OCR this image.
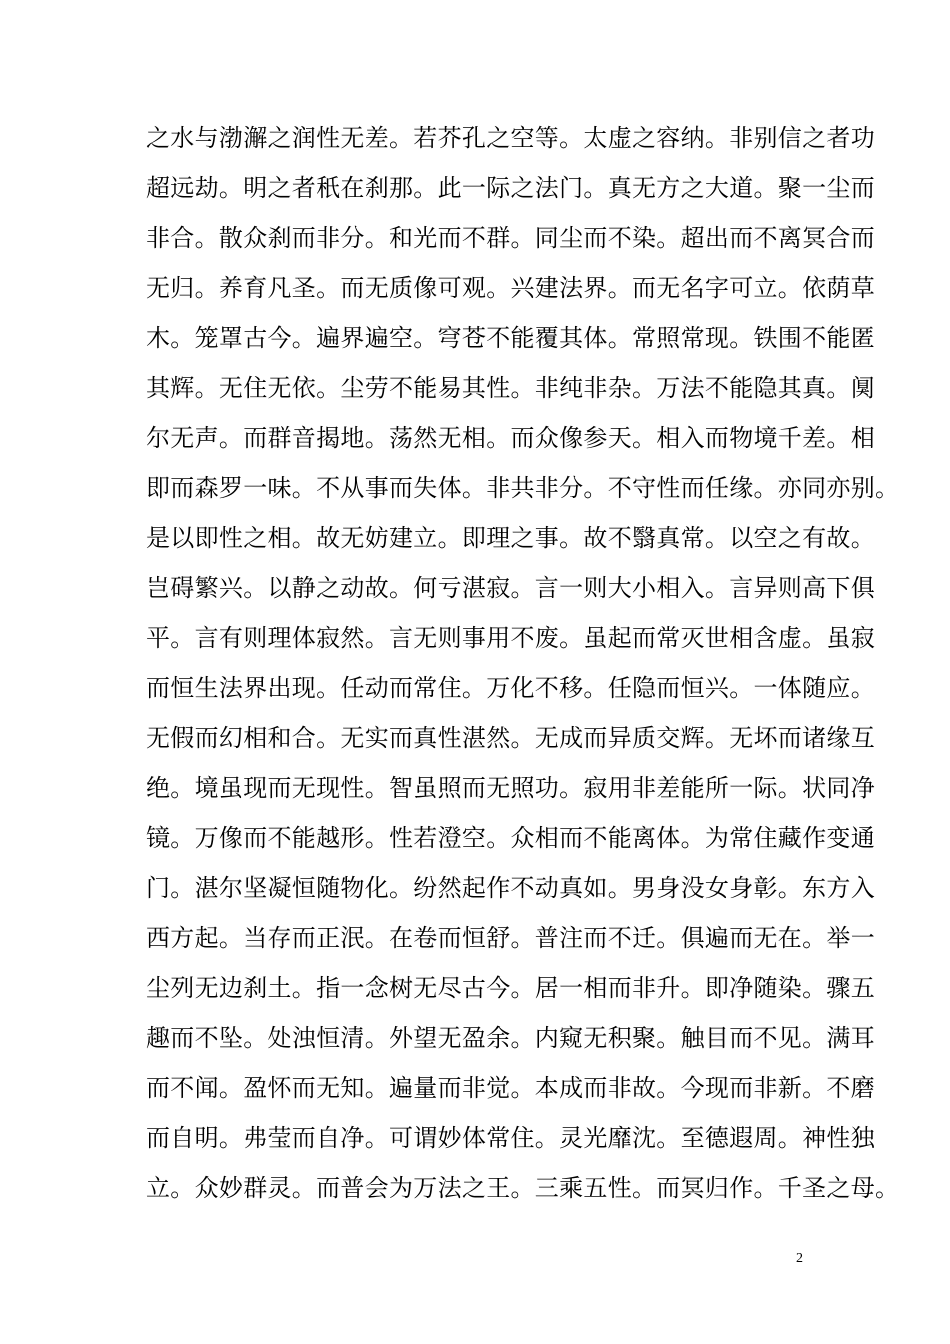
之水与渤澥之润性无差。若芥孔之空等。太虚之容纳。非别信之者功
超远劫。明之者秖在刹那。此一际之法门。真无方之大道。聚一尘而
非合。散众刹而非分。和光而不群。同尘而不染。超出而不离冥合而
无归。养育凡圣。而无质像可观。兴建法界。而无名字可立。依荫草
木。笼罩古今。遍界遍空。穹苍不能覆其体。常照常现。铁围不能匿
其辉。无住无依。尘劳不能易其性。非纯非杂。万法不能隐其真。阒
尔无声。而群音揭地。荡然无相。而众像参天。相入而物境千差。相
即而森罗一味。不从事而失体。非共非分。不守性而任缘。亦同亦别。
是以即性之相。故无妨建立。即理之事。故不翳真常。以空之有故。
岂碍繁兴。以静之动故。何亏湛寂。言一则大小相入。言异则高下俱
平。言有则理体寂然。言无则事用不废。虽起而常灭世相含虚。虽寂
而恒生法界出现。任动而常住。万化不移。任隐而恒兴。一体随应。
无假而幻相和合。无实而真性湛然。无成而异质交辉。无坏而诸缘互
绝。境虽现而无现性。智虽照而无照功。寂用非差能所一际。状同净
镜。万像而不能越形。性若澄空。众相而不能离体。为常住藏作变通
门。湛尔坚凝恒随物化。纷然起作不动真如。男身没女身彰。东方入
西方起。当存而正泯。在卷而恒舒。普注而不迁。俱遍而无在。举一
尘列无边刹土。指一念树无尽古今。居一相而非升。即净随染。骤五
趣而不坠。处浊恒清。外望无盈余。内窥无积聚。触目而不见。满耳
而不闻。盈怀而无知。遍量而非觉。本成而非故。今现而非新。不磨
而自明。弗莹而自净。可谓妙体常住。灵光靡沈。至德遐周。神性独
立。众妙群灵。而普会为万法之王。三乘五性。而冥归作。千圣之母。
2
